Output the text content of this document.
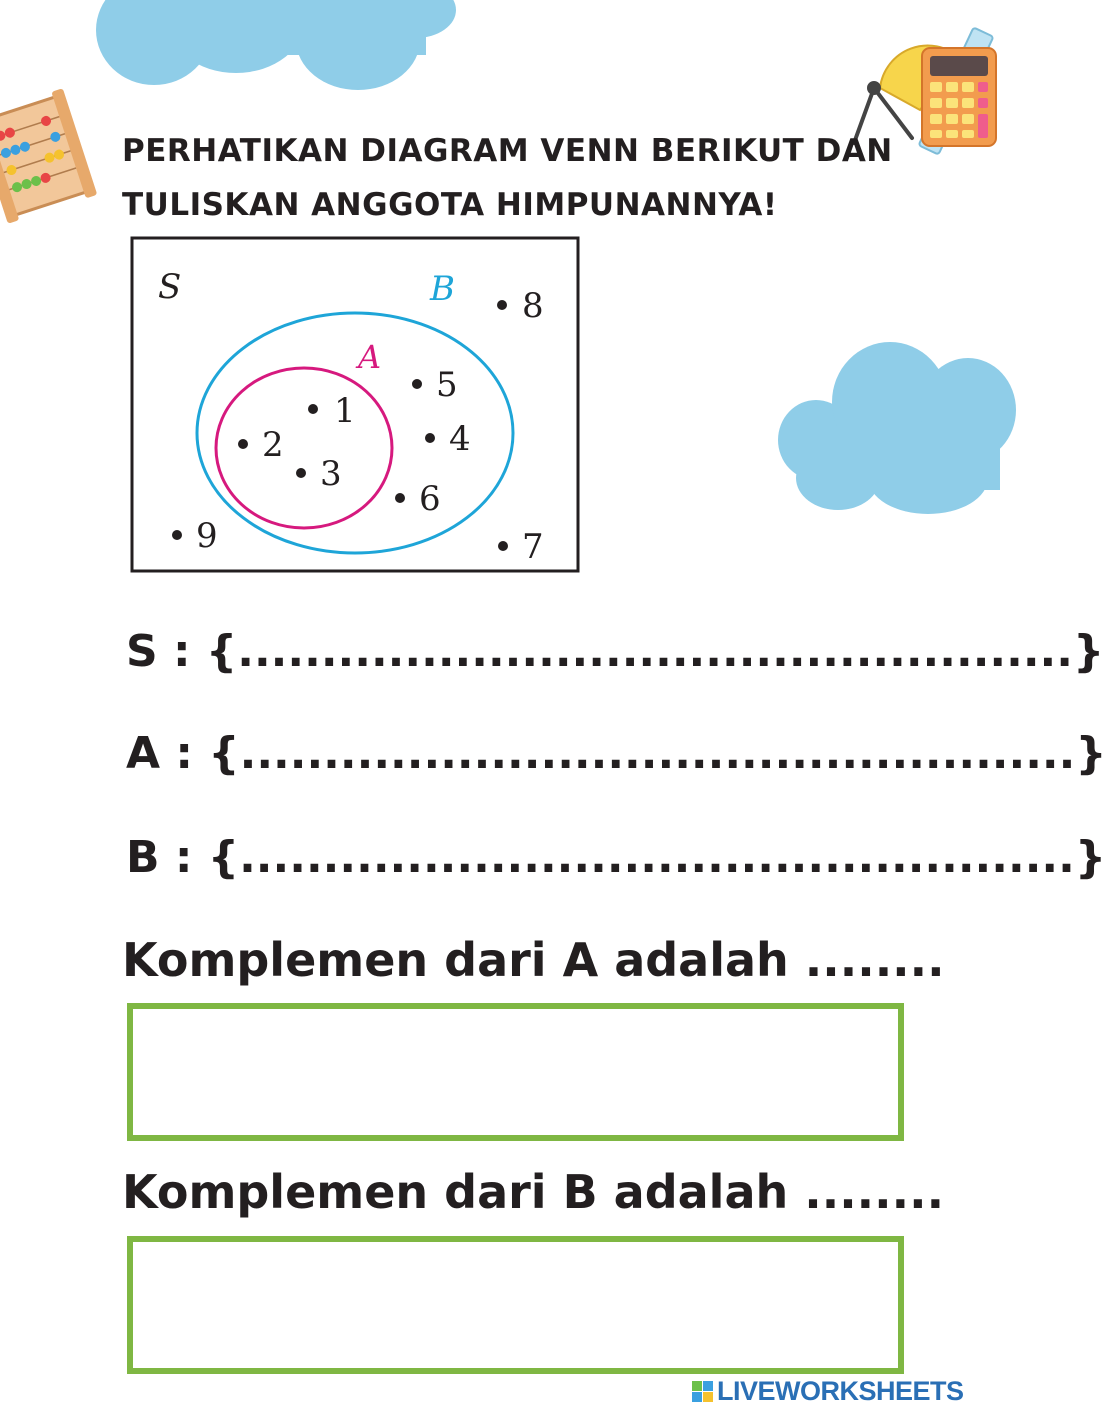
PERHATIKAN DIAGRAM VENN BERIKUT DAN
TULISKAN ANGGOTA HIMPUNANNYA!
S	B
A
1
2
3
5
4
6
8
9	7
S : {..................................................}
A : {..................................................}
B : {..................................................}
Komplemen dari A adalah ........
Komplemen dari B adalah ........
LIVEWORKSHEETS
